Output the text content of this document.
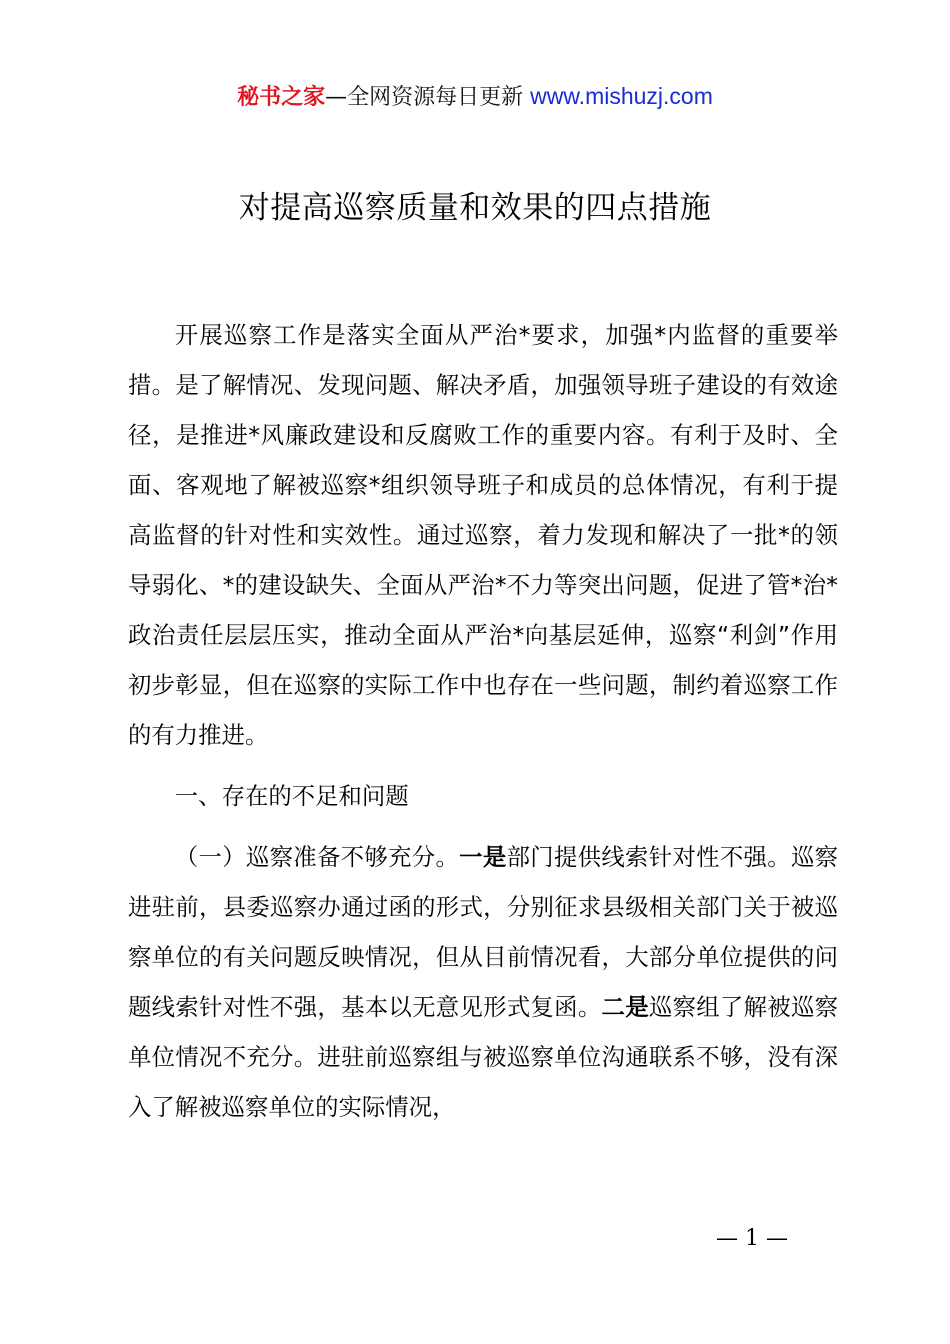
秘书之家—全网资源每日更新 www.mishuzj.com
对提高巡察质量和效果的四点措施

开展巡察工作是落实全面从严治*要求，加强*内监督的重要举措。是了解情况、发现问题、解决矛盾，加强领导班子建设的有效途径，是推进*风廉政建设和反腐败工作的重要内容。有利于及时、全面、客观地了解被巡察*组织领导班子和成员的总体情况，有利于提高监督的针对性和实效性。通过巡察，着力发现和解决了一批*的领导弱化、*的建设缺失、全面从严治*不力等突出问题，促进了管*治*政治责任层层压实，推动全面从严治*向基层延伸，巡察“利剑”作用初步彰显，但在巡察的实际工作中也存在一些问题，制约着巡察工作的有力推进。

一、存在的不足和问题

（一）巡察准备不够充分。一是部门提供线索针对性不强。巡察进驻前，县委巡察办通过函的形式，分别征求县级相关部门关于被巡察单位的有关问题反映情况，但从目前情况看，大部分单位提供的问题线索针对性不强，基本以无意见形式复函。二是巡察组了解被巡察单位情况不充分。进驻前巡察组与被巡察单位沟通联系不够，没有深入了解被巡察单位的实际情况，

— 1 —
